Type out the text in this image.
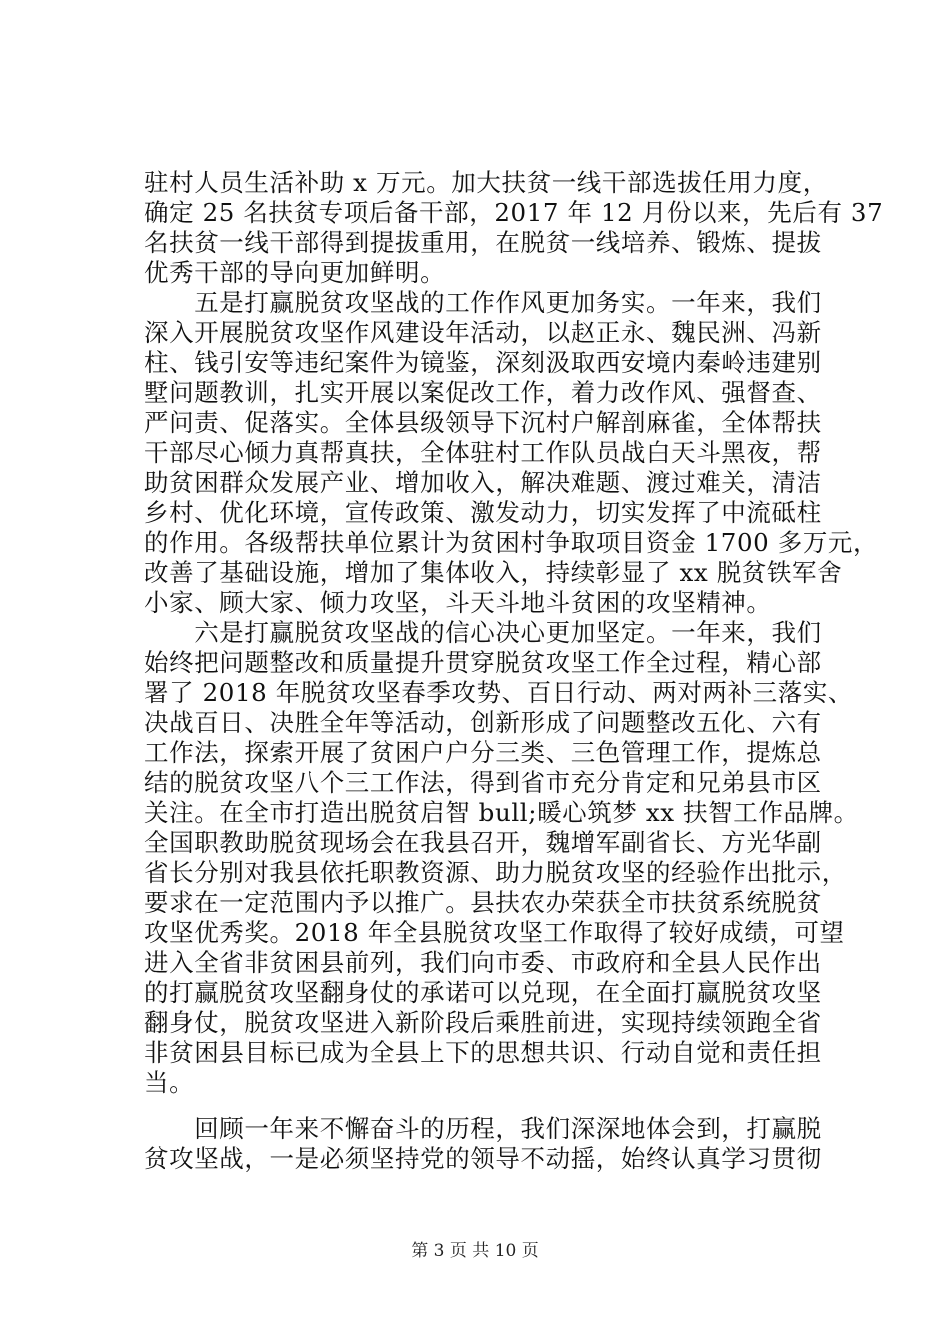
驻村人员生活补助 x 万元。加大扶贫一线干部选拔任用力度，
确定 25 名扶贫专项后备干部，2017 年 12 月份以来，先后有 37
名扶贫一线干部得到提拔重用，在脱贫一线培养、锻炼、提拔
优秀干部的导向更加鲜明。
　　五是打赢脱贫攻坚战的工作作风更加务实。一年来，我们
深入开展脱贫攻坚作风建设年活动，以赵正永、魏民洲、冯新
柱、钱引安等违纪案件为镜鉴，深刻汲取西安境内秦岭违建别
墅问题教训，扎实开展以案促改工作，着力改作风、强督查、
严问责、促落实。全体县级领导下沉村户解剖麻雀，全体帮扶
干部尽心倾力真帮真扶，全体驻村工作队员战白天斗黑夜，帮
助贫困群众发展产业、增加收入，解决难题、渡过难关，清洁
乡村、优化环境，宣传政策、激发动力，切实发挥了中流砥柱
的作用。各级帮扶单位累计为贫困村争取项目资金 1700 多万元，
改善了基础设施，增加了集体收入，持续彰显了 xx 脱贫铁军舍
小家、顾大家、倾力攻坚，斗天斗地斗贫困的攻坚精神。
　　六是打赢脱贫攻坚战的信心决心更加坚定。一年来，我们
始终把问题整改和质量提升贯穿脱贫攻坚工作全过程，精心部
署了 2018 年脱贫攻坚春季攻势、百日行动、两对两补三落实、
决战百日、决胜全年等活动，创新形成了问题整改五化、六有
工作法，探索开展了贫困户户分三类、三色管理工作，提炼总
结的脱贫攻坚八个三工作法，得到省市充分肯定和兄弟县市区
关注。在全市打造出脱贫启智 bull;暖心筑梦 xx 扶智工作品牌。
全国职教助脱贫现场会在我县召开，魏增军副省长、方光华副
省长分别对我县依托职教资源、助力脱贫攻坚的经验作出批示，
要求在一定范围内予以推广。县扶农办荣获全市扶贫系统脱贫
攻坚优秀奖。2018 年全县脱贫攻坚工作取得了较好成绩，可望
进入全省非贫困县前列，我们向市委、市政府和全县人民作出
的打赢脱贫攻坚翻身仗的承诺可以兑现，在全面打赢脱贫攻坚
翻身仗，脱贫攻坚进入新阶段后乘胜前进，实现持续领跑全省
非贫困县目标已成为全县上下的思想共识、行动自觉和责任担
当。
　　回顾一年来不懈奋斗的历程，我们深深地体会到，打赢脱
贫攻坚战，一是必须坚持党的领导不动摇，始终认真学习贯彻
第 3 页 共 10 页
